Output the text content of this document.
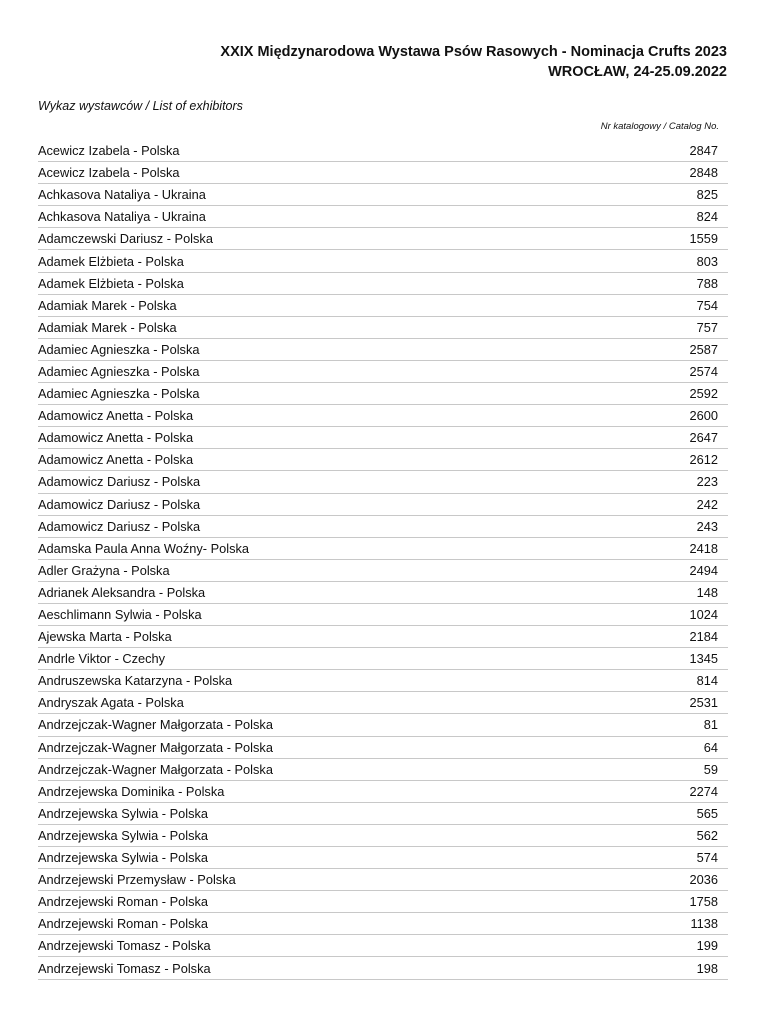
XXIX Międzynarodowa Wystawa Psów Rasowych - Nominacja Crufts 2023
WROCŁAW, 24-25.09.2022
Wykaz wystawców / List of exhibitors
Nr katalogowy / Catalog No.
Acewicz Izabela - Polska	2847
Acewicz Izabela - Polska	2848
Achkasova Nataliya - Ukraina	825
Achkasova Nataliya - Ukraina	824
Adamczewski Dariusz - Polska	1559
Adamek Elżbieta - Polska	803
Adamek Elżbieta - Polska	788
Adamiak Marek - Polska	754
Adamiak Marek - Polska	757
Adamiec Agnieszka - Polska	2587
Adamiec Agnieszka - Polska	2574
Adamiec Agnieszka - Polska	2592
Adamowicz Anetta - Polska	2600
Adamowicz Anetta - Polska	2647
Adamowicz Anetta - Polska	2612
Adamowicz Dariusz - Polska	223
Adamowicz Dariusz - Polska	242
Adamowicz Dariusz - Polska	243
Adamska Paula Anna Woźny- Polska	2418
Adler Grażyna - Polska	2494
Adrianek Aleksandra - Polska	148
Aeschlimann Sylwia - Polska	1024
Ajewska Marta - Polska	2184
Andrle Viktor - Czechy	1345
Andruszewska Katarzyna - Polska	814
Andryszak Agata - Polska	2531
Andrzejczak-Wagner Małgorzata - Polska	81
Andrzejczak-Wagner Małgorzata - Polska	64
Andrzejczak-Wagner Małgorzata - Polska	59
Andrzejewska Dominika - Polska	2274
Andrzejewska Sylwia - Polska	565
Andrzejewska Sylwia - Polska	562
Andrzejewska Sylwia - Polska	574
Andrzejewski Przemysław - Polska	2036
Andrzejewski Roman - Polska	1758
Andrzejewski Roman - Polska	1138
Andrzejewski Tomasz - Polska	199
Andrzejewski Tomasz - Polska	198
